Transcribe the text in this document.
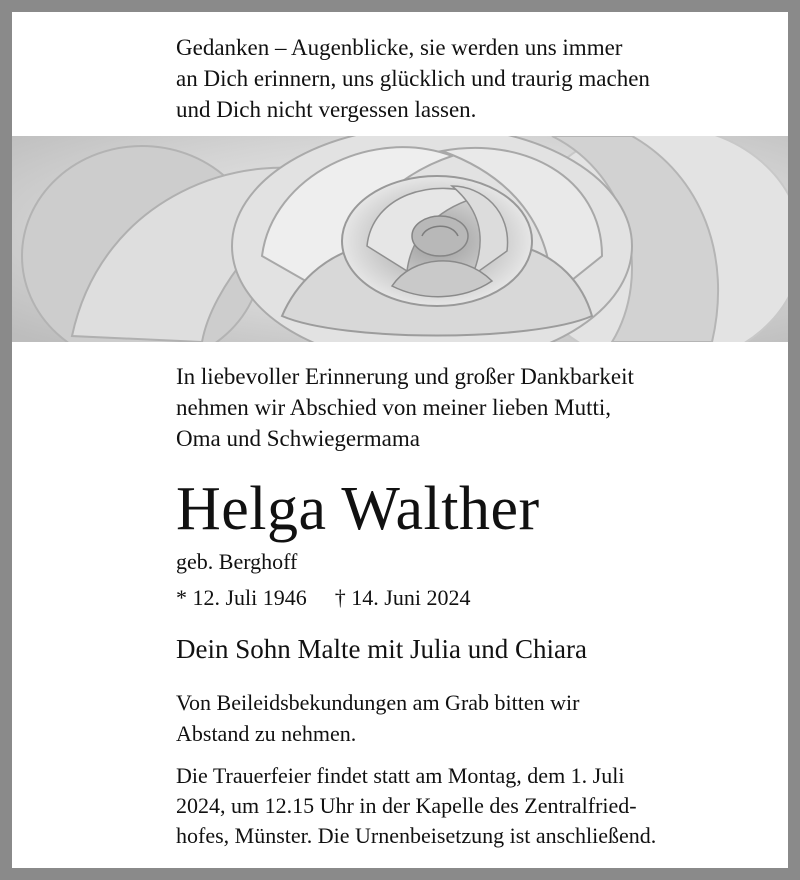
Gedanken – Augenblicke, sie werden uns immer
an Dich erinnern, uns glücklich und traurig machen
und Dich nicht vergessen lassen.
In liebevoller Erinnerung und großer Dankbarkeit
nehmen wir Abschied von meiner lieben Mutti,
Oma und Schwiegermama
Helga Walther
geb. Berghoff
* 12. Juli 1946 † 14. Juni 2024
Dein Sohn Malte mit Julia und Chiara
Von Beileidsbekundungen am Grab bitten wir
Abstand zu nehmen.
Die Trauerfeier findet statt am Montag, dem 1. Juli
2024, um 12.15 Uhr in der Kapelle des Zentralfried-
hofes, Münster. Die Urnenbeisetzung ist anschließend.
